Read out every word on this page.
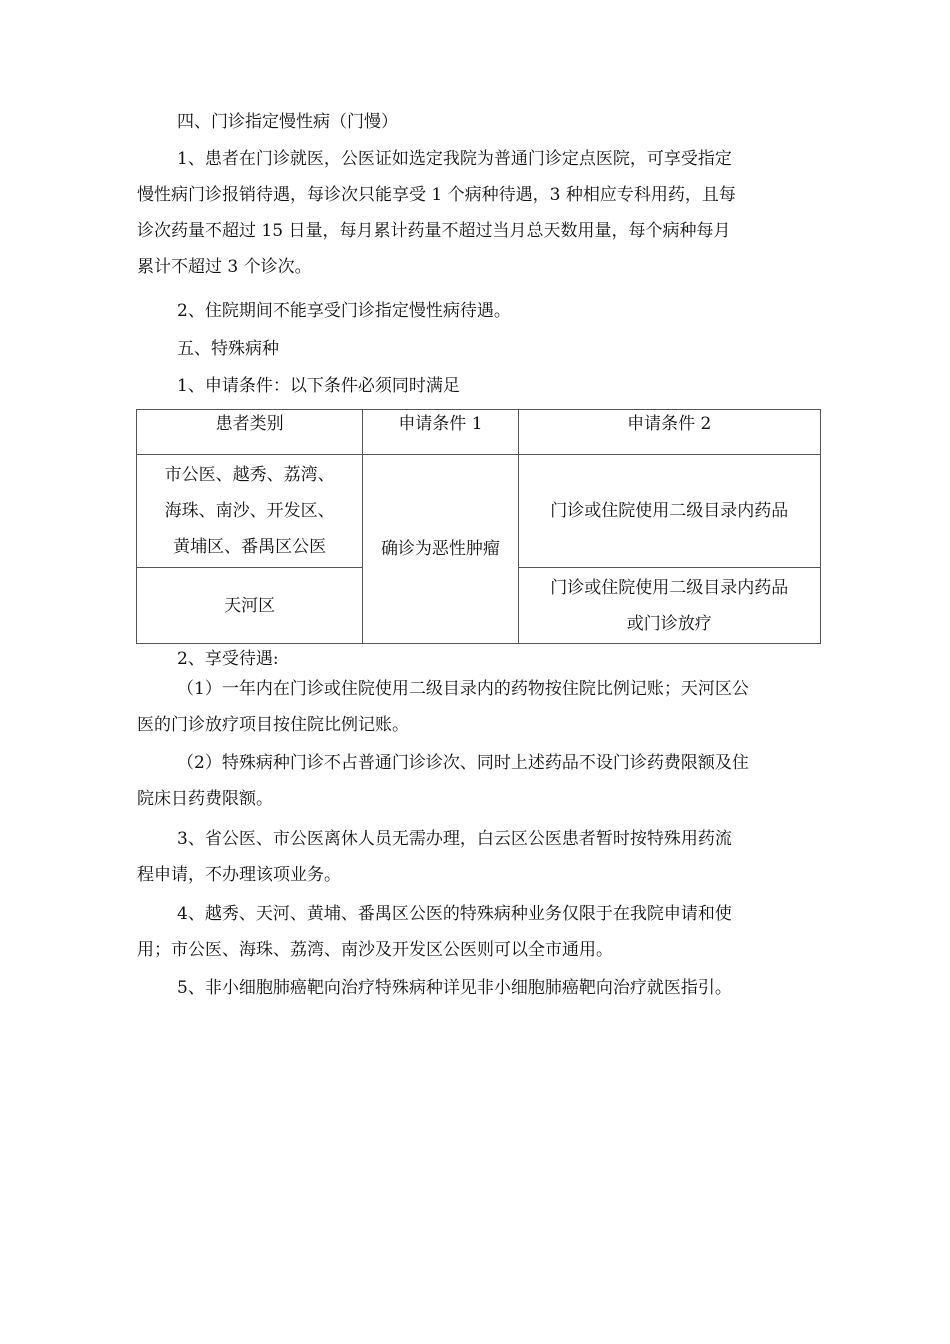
四、门诊指定慢性病（门慢）
1、患者在门诊就医，公医证如选定我院为普通门诊定点医院，可享受指定
慢性病门诊报销待遇，每诊次只能享受 1 个病种待遇，3 种相应专科用药，且每
诊次药量不超过 15 日量，每月累计药量不超过当月总天数用量，每个病种每月
累计不超过 3 个诊次。
2、住院期间不能享受门诊指定慢性病待遇。
五、特殊病种
1、申请条件：以下条件必须同时满足
患者类别	申请条件 1	申请条件 2

市公医、越秀、荔湾、
海珠、南沙、开发区、
黄埔区、番禺区公医	确诊为恶性肿瘤	门诊或住院使用二级目录内药品
天河区		门诊或住院使用二级目录内药品
或门诊放疗
2、享受待遇:
（1）一年内在门诊或住院使用二级目录内的药物按住院比例记账；天河区公
医的门诊放疗项目按住院比例记账。
（2）特殊病种门诊不占普通门诊诊次、同时上述药品不设门诊药费限额及住
院床日药费限额。
3、省公医、市公医离休人员无需办理，白云区公医患者暂时按特殊用药流
程申请，不办理该项业务。
4、越秀、天河、黄埔、番禺区公医的特殊病种业务仅限于在我院申请和使
用；市公医、海珠、荔湾、南沙及开发区公医则可以全市通用。
5、非小细胞肺癌靶向治疗特殊病种详见非小细胞肺癌靶向治疗就医指引。
